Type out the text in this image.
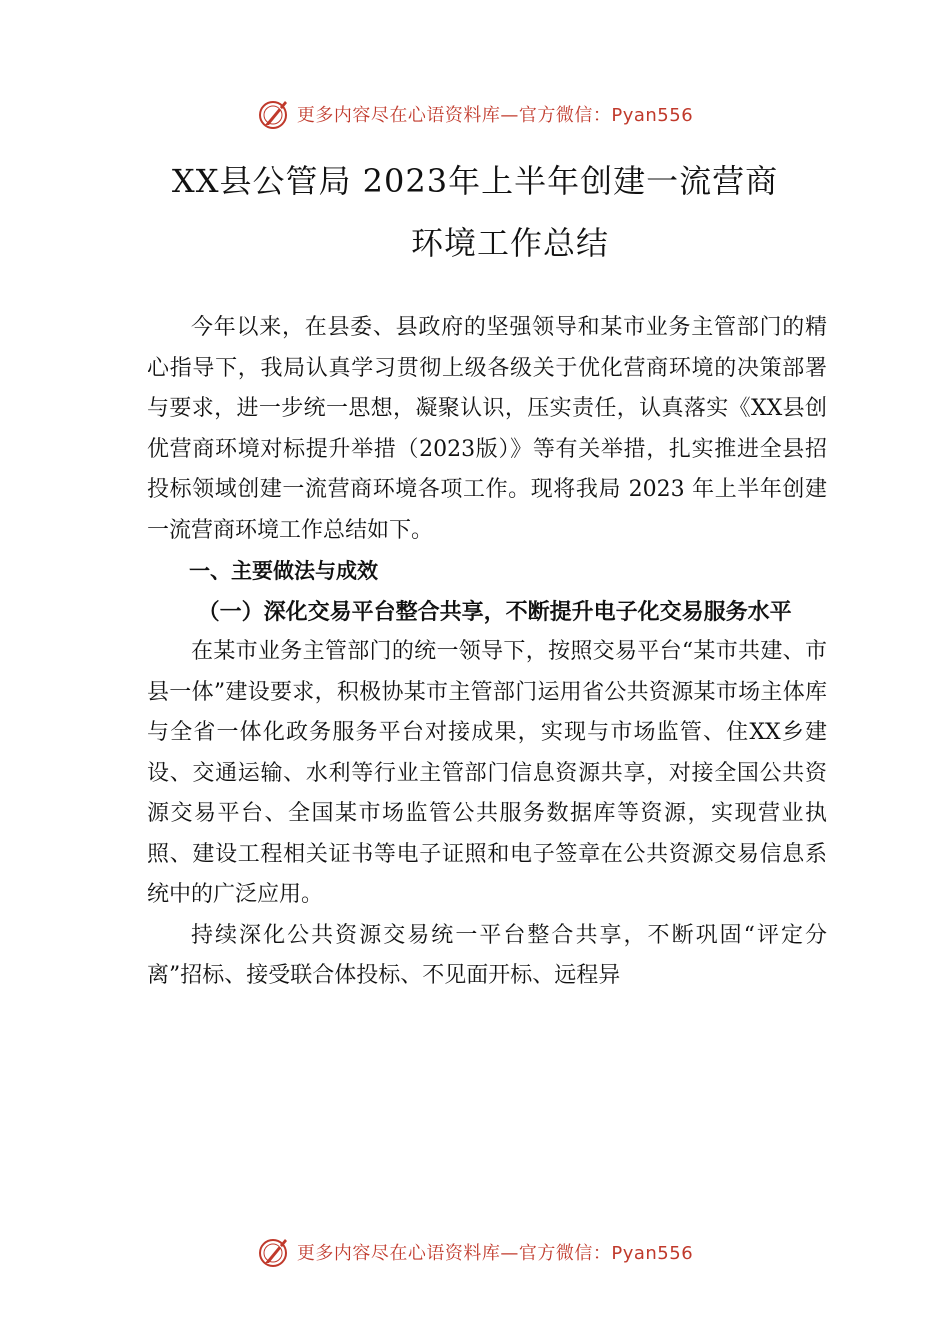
更多内容尽在心语资料库—官方微信：Pyan556
XX县公管局 2023年上半年创建一流营商
环境工作总结

今年以来，在县委、县政府的坚强领导和某市业务主管部门的精心指导下，我局认真学习贯彻上级各级关于优化营商环境的决策部署与要求，进一步统一思想，凝聚认识，压实责任，认真落实《XX县创优营商环境对标提升举措（2023版）》等有关举措，扎实推进全县招投标领域创建一流营商环境各项工作。现将我局 2023 年上半年创建一流营商环境工作总结如下。

一、主要做法与成效

（一）深化交易平台整合共享，不断提升电子化交易服务水平

在某市业务主管部门的统一领导下，按照交易平台“某市共建、市县一体”建设要求，积极协某市主管部门运用省公共资源某市场主体库与全省一体化政务服务平台对接成果，实现与市场监管、住XX乡建设、交通运输、水利等行业主管部门信息资源共享，对接全国公共资源交易平台、全国某市场监管公共服务数据库等资源，实现营业执照、建设工程相关证书等电子证照和电子签章在公共资源交易信息系统中的广泛应用。

持续深化公共资源交易统一平台整合共享，不断巩固“评定分离”招标、接受联合体投标、不见面开标、远程异

更多内容尽在心语资料库—官方微信：Pyan556
